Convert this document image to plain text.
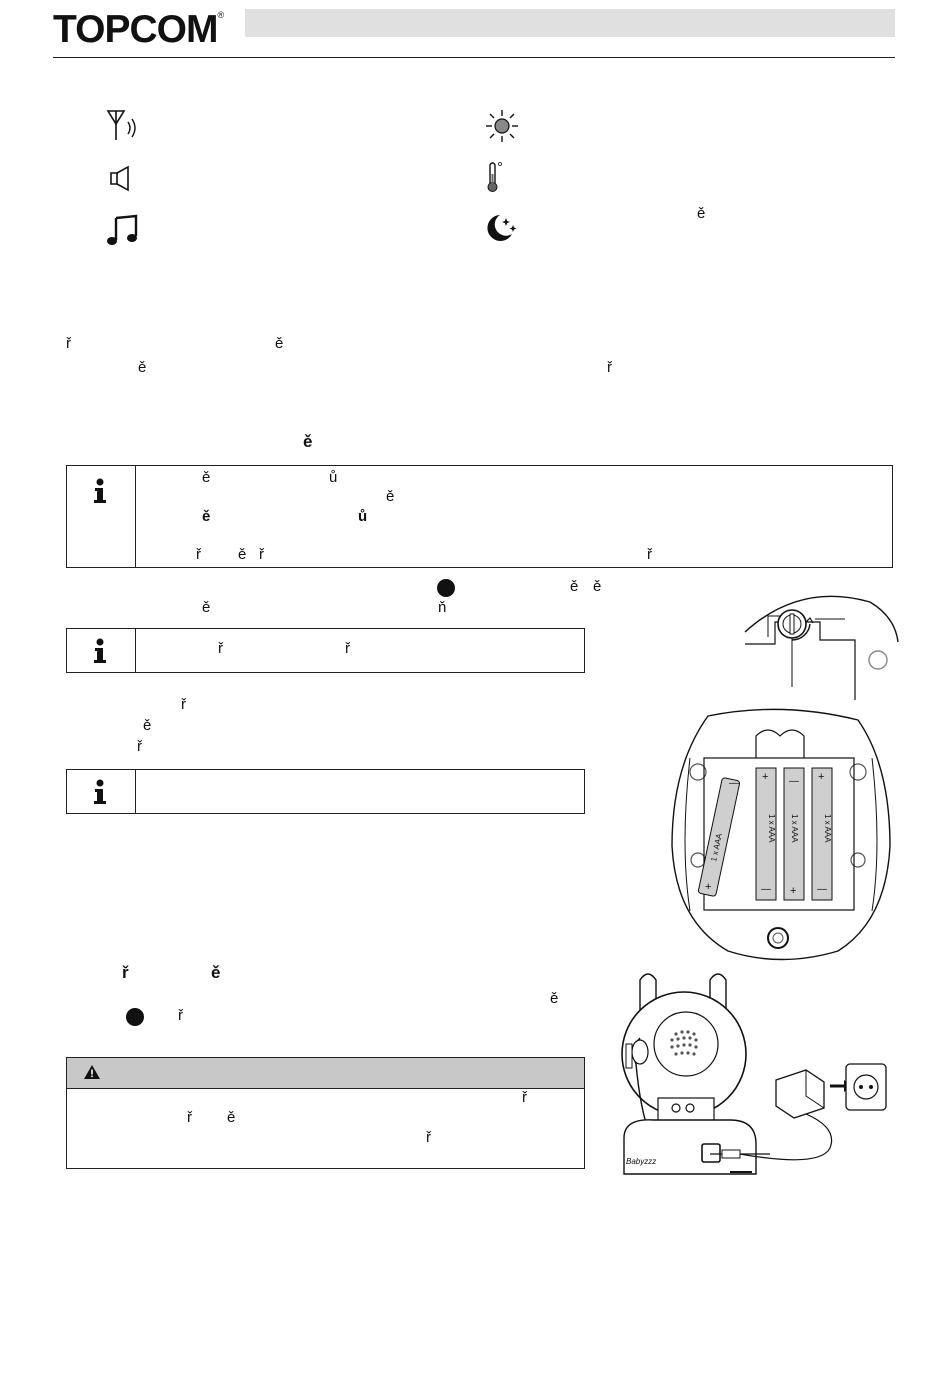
TOPCOM®
ě
ř	ě
ě	ř
ě
ě	ů
ě
ě	ů
ř ě ř	ř
ě ě
ě	ň
ř	ř
ř
ě
ř
ř	ě
ě
ř
ř
ř ě
ř
1 x AAA
1 x AAA 1 x AAA	1 x AAA
+ — +
— + —
+
—
Babyzzz
